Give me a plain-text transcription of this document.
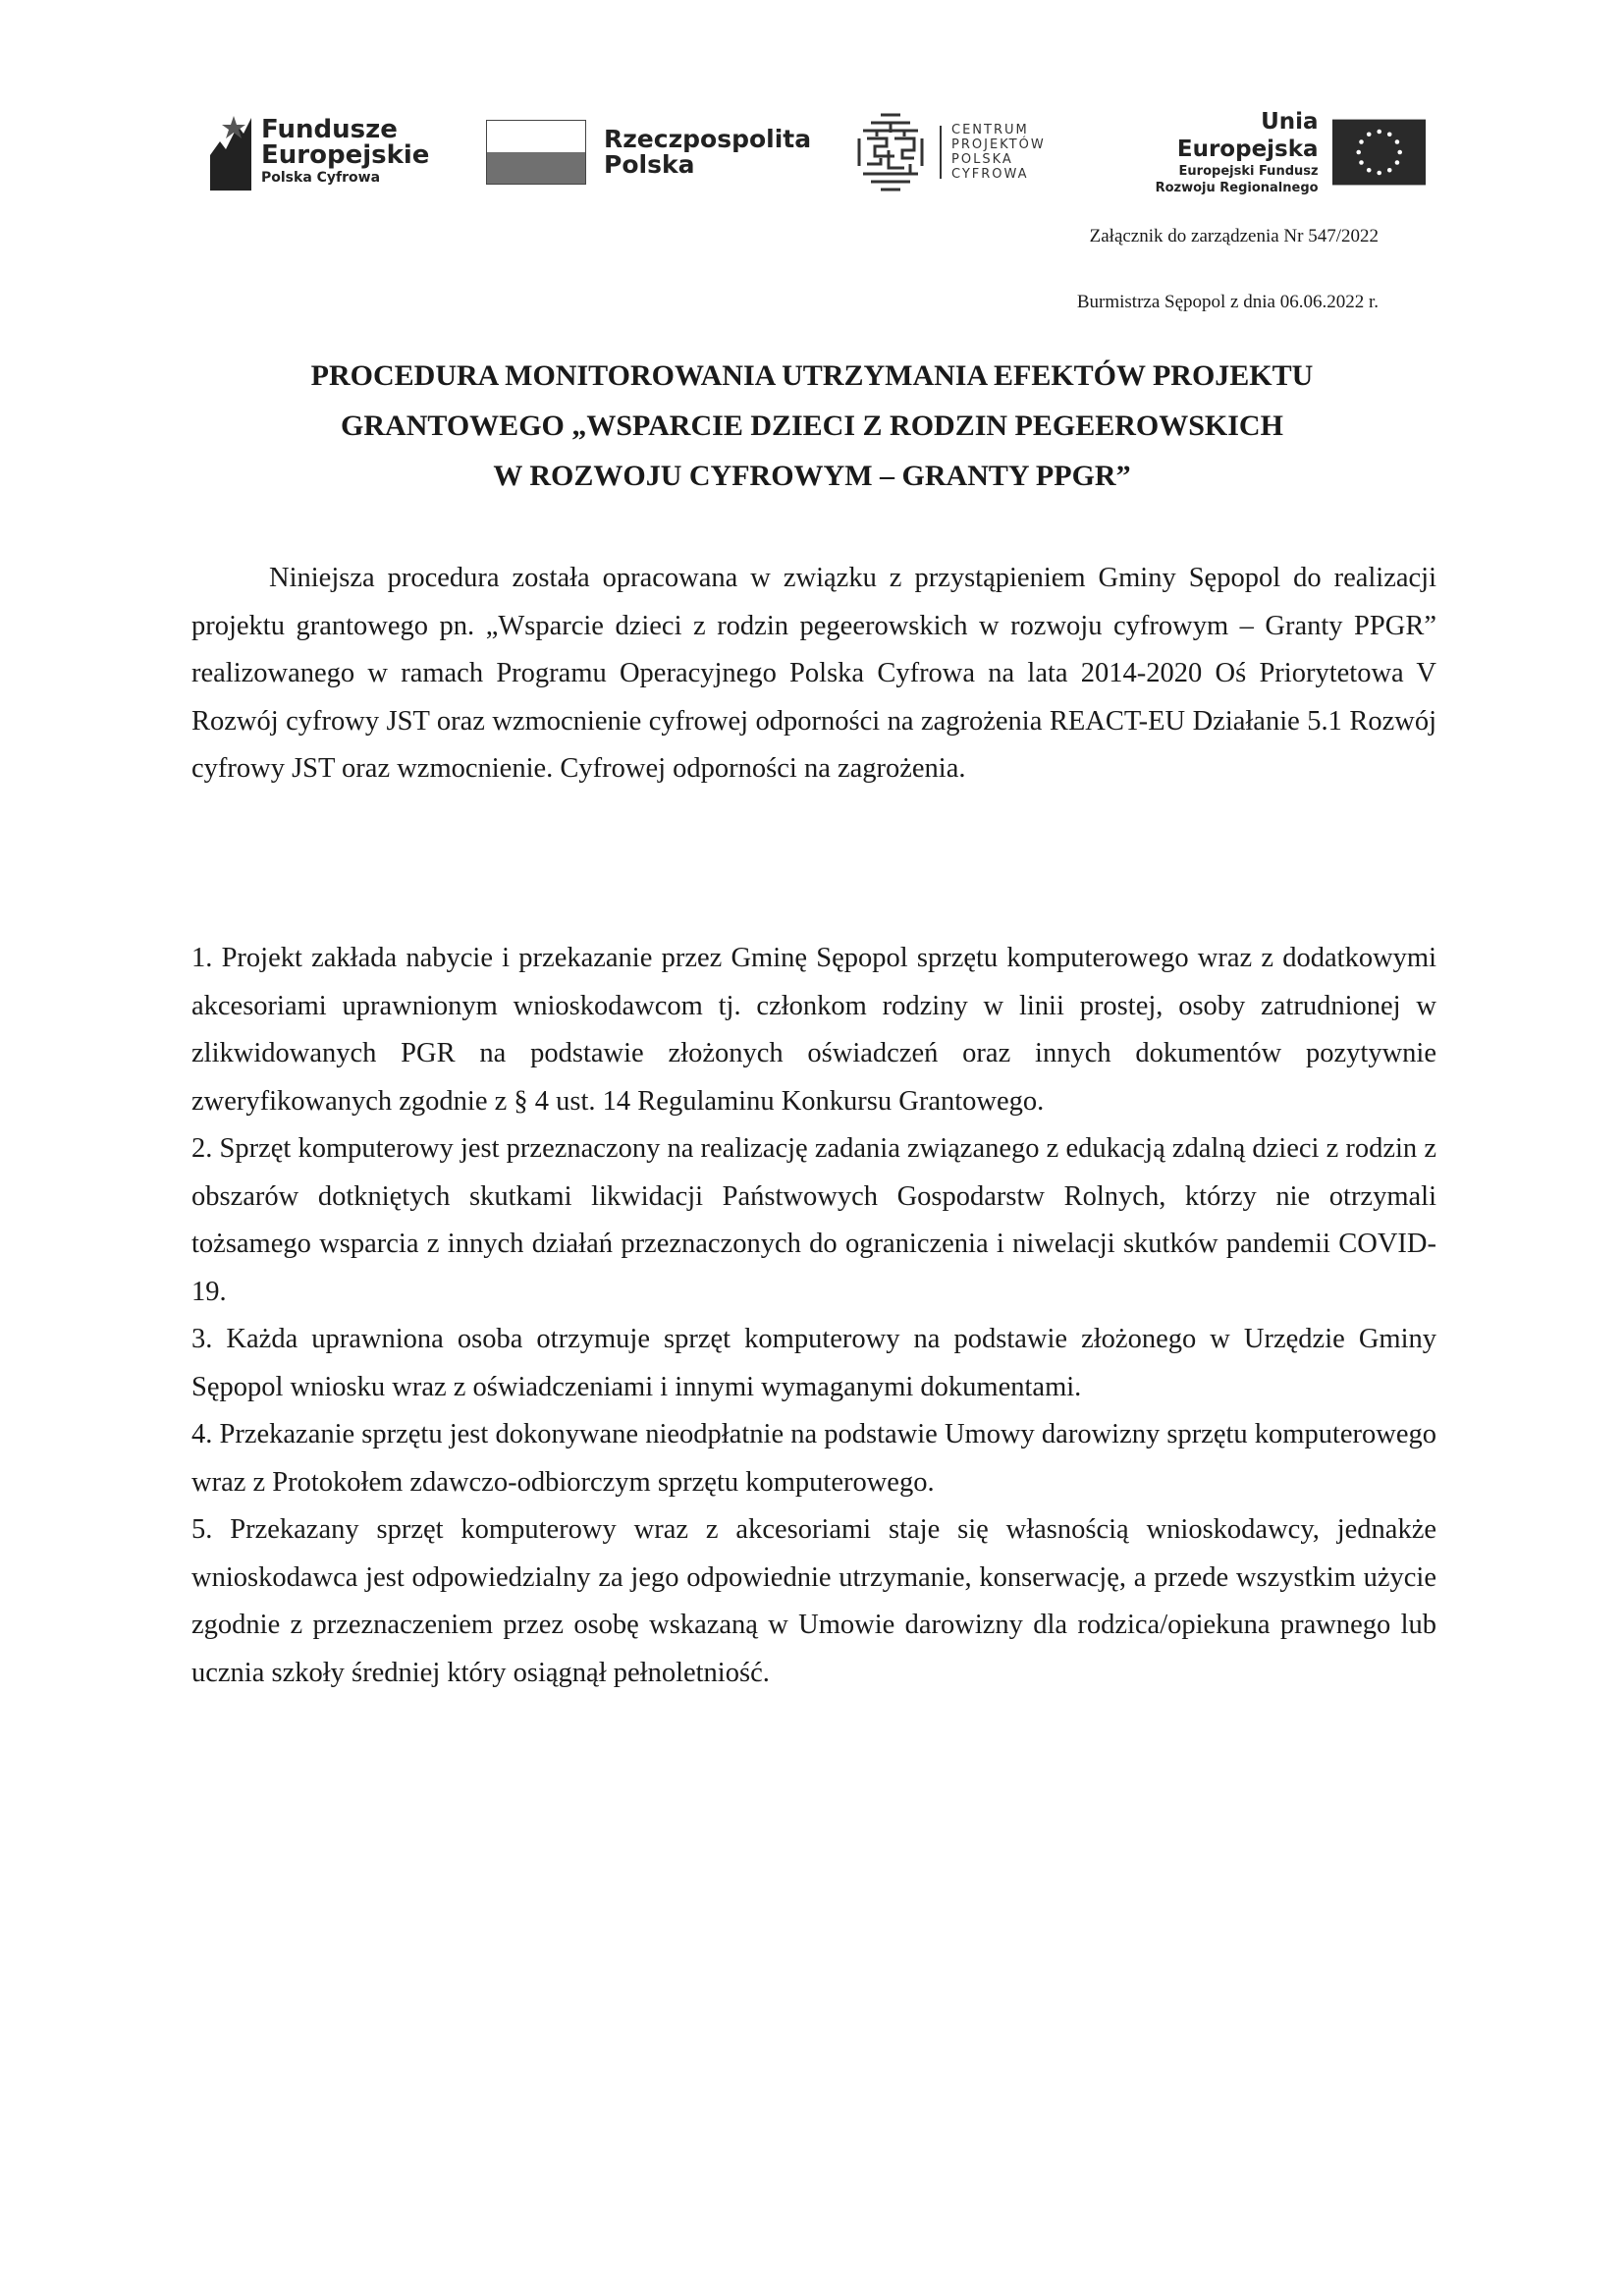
Fundusze
Europejskie
Polska Cyfrowa
Rzeczpospolita
Polska
CENTRUM
PROJEKTÓW
POLSKA
CYFROWA
Unia Europejska
Europejski Fundusz
Rozwoju Regionalnego
Załącznik do zarządzenia Nr 547/2022
Burmistrza Sępopol z dnia 06.06.2022 r.
PROCEDURA MONITOROWANIA UTRZYMANIA EFEKTÓW PROJEKTU
GRANTOWEGO „WSPARCIE DZIECI Z RODZIN PEGEEROWSKICH
W ROZWOJU CYFROWYM – GRANTY PPGR”
Niniejsza procedura została opracowana w związku z przystąpieniem Gminy Sępopol do realizacji projektu grantowego pn. „Wsparcie dzieci z rodzin pegeerowskich w rozwoju cyfrowym – Granty PPGR” realizowanego w ramach Programu Operacyjnego Polska Cyfrowa na lata 2014-2020 Oś Priorytetowa V Rozwój cyfrowy JST oraz wzmocnienie cyfrowej odporności na zagrożenia REACT-EU Działanie 5.1 Rozwój cyfrowy JST oraz wzmocnienie. Cyfrowej odporności na zagrożenia.

1. Projekt zakłada nabycie i przekazanie przez Gminę Sępopol sprzętu komputerowego wraz z dodatkowymi akcesoriami uprawnionym wnioskodawcom tj. członkom rodziny w linii prostej, osoby zatrudnionej w zlikwidowanych PGR na podstawie złożonych oświadczeń oraz innych dokumentów pozytywnie zweryfikowanych zgodnie z § 4 ust. 14 Regulaminu Konkursu Grantowego.

2. Sprzęt komputerowy jest przeznaczony na realizację zadania związanego z edukacją zdalną dzieci z rodzin z obszarów dotkniętych skutkami likwidacji Państwowych Gospodarstw Rolnych, którzy nie otrzymali tożsamego wsparcia z innych działań przeznaczonych do ograniczenia i niwelacji skutków pandemii COVID-19.

3. Każda uprawniona osoba otrzymuje sprzęt komputerowy na podstawie złożonego w Urzędzie Gminy Sępopol wniosku wraz z oświadczeniami i innymi wymaganymi dokumentami.

4. Przekazanie sprzętu jest dokonywane nieodpłatnie na podstawie Umowy darowizny sprzętu komputerowego wraz z Protokołem zdawczo-odbiorczym sprzętu komputerowego.

5. Przekazany sprzęt komputerowy wraz z akcesoriami staje się własnością wnioskodawcy, jednakże wnioskodawca jest odpowiedzialny za jego odpowiednie utrzymanie, konserwację, a przede wszystkim użycie zgodnie z przeznaczeniem przez osobę wskazaną w Umowie darowizny dla rodzica/opiekuna prawnego lub ucznia szkoły średniej który osiągnął pełnoletniość.
